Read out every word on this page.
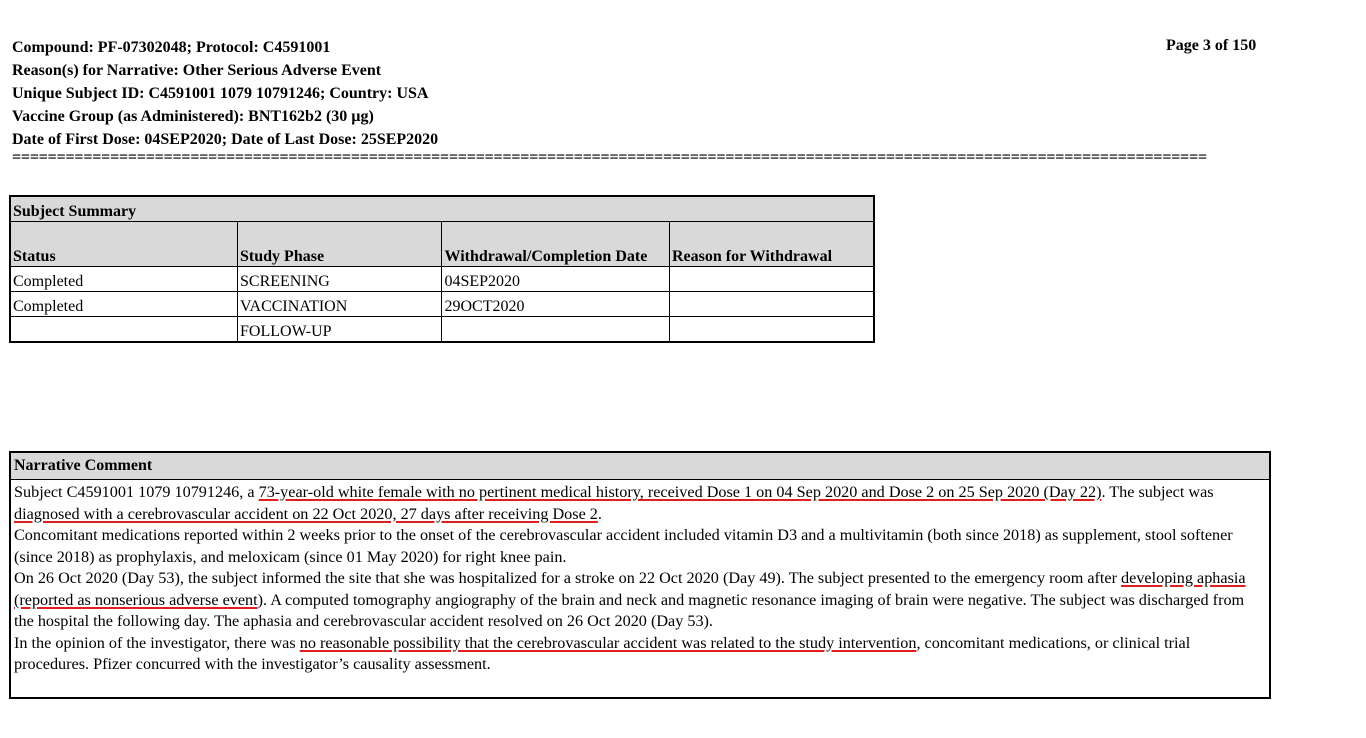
Compound: PF-07302048; Protocol: C4591001
Reason(s) for Narrative: Other Serious Adverse Event
Unique Subject ID: C4591001 1079 10791246; Country: USA
Vaccine Group (as Administered): BNT162b2 (30 µg)
Date of First Dose: 04SEP2020; Date of Last Dose: 25SEP2020
Page 3 of 150
======================================================================================================================================
Subject Summary			
Status	Study Phase	Withdrawal/Completion Date	Reason for Withdrawal
Completed	SCREENING	04SEP2020	
Completed	VACCINATION	29OCT2020	
	FOLLOW-UP		
Narrative Comment

Subject C4591001 1079 10791246, a 73-year-old white female with no pertinent medical history, received Dose 1 on 04 Sep 2020 and Dose 2 on 25 Sep 2020 (Day 22). The subject was diagnosed with a cerebrovascular accident on 22 Oct 2020, 27 days after receiving Dose 2.

Concomitant medications reported within 2 weeks prior to the onset of the cerebrovascular accident included vitamin D3 and a multivitamin (both since 2018) as supplement, stool softener (since 2018) as prophylaxis, and meloxicam (since 01 May 2020) for right knee pain.

On 26 Oct 2020 (Day 53), the subject informed the site that she was hospitalized for a stroke on 22 Oct 2020 (Day 49). The subject presented to the emergency room after developing aphasia (reported as nonserious adverse event). A computed tomography angiography of the brain and neck and magnetic resonance imaging of brain were negative. The subject was discharged from the hospital the following day. The aphasia and cerebrovascular accident resolved on 26 Oct 2020 (Day 53).

In the opinion of the investigator, there was no reasonable possibility that the cerebrovascular accident was related to the study intervention, concomitant medications, or clinical trial procedures. Pfizer concurred with the investigator’s causality assessment.
